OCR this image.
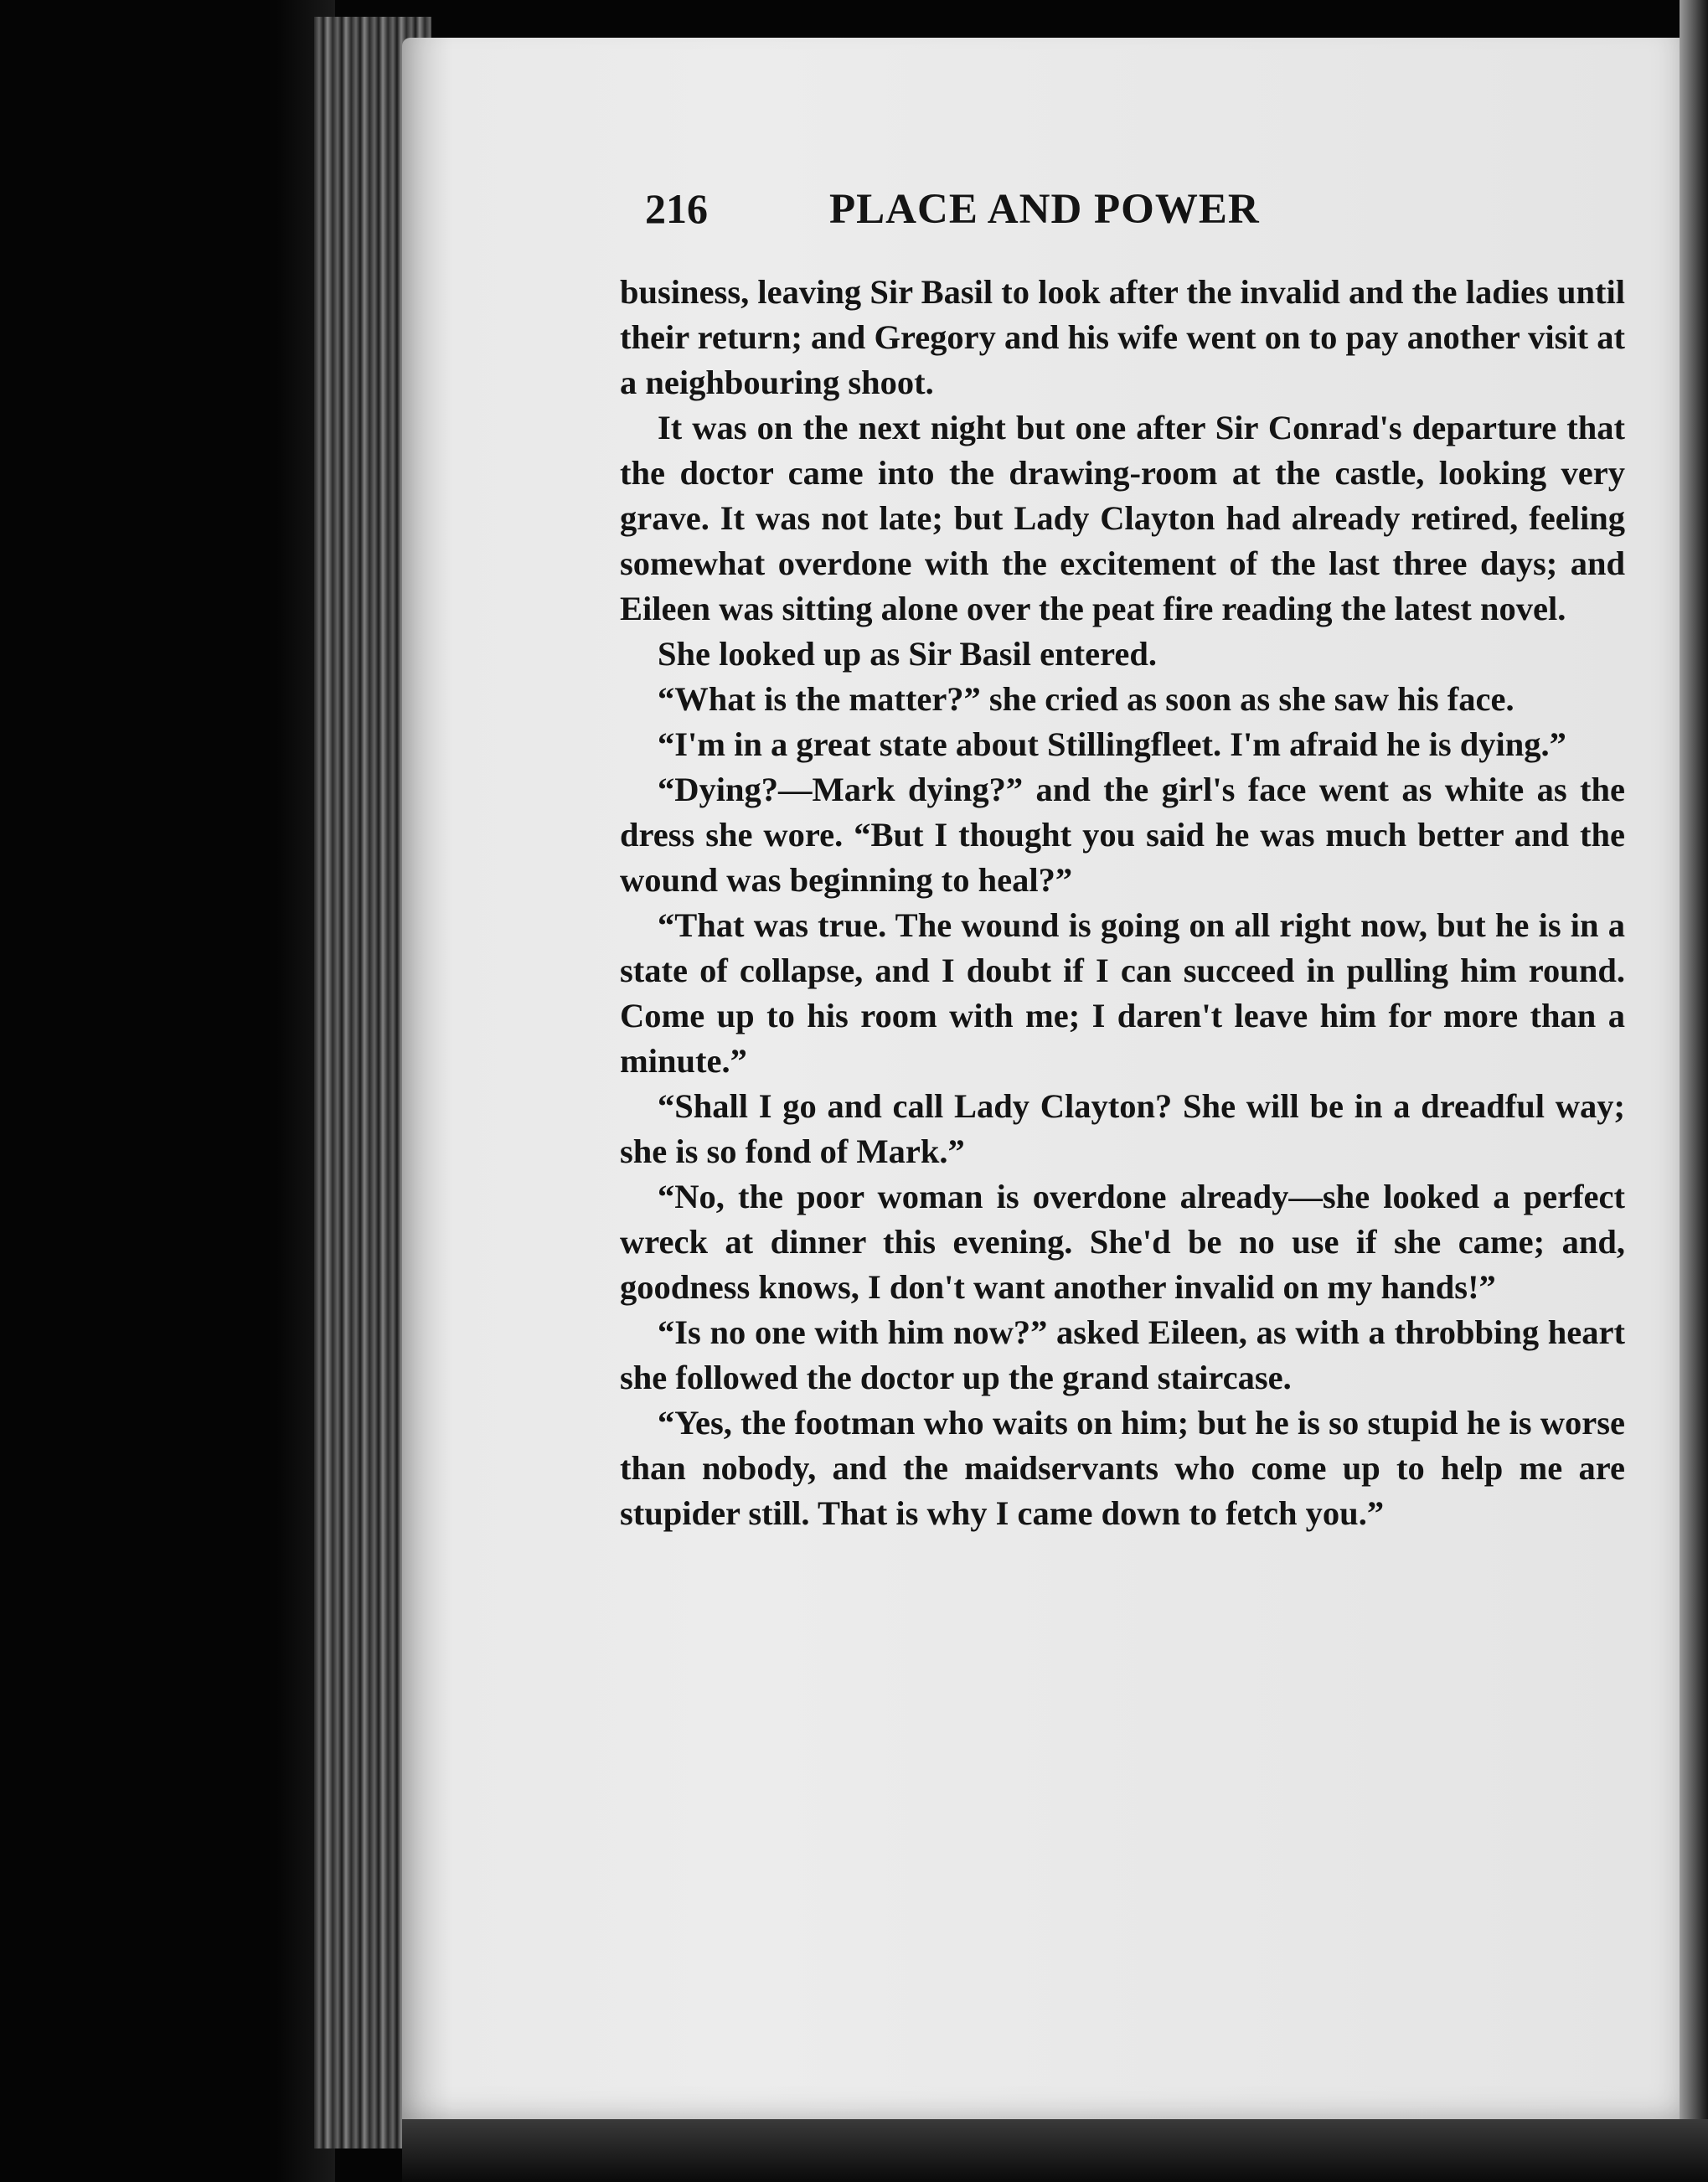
216	PLACE AND POWER

business, leaving Sir Basil to look after the invalid and the ladies until their return; and Gregory and his wife went on to pay another visit at a neighbouring shoot.

It was on the next night but one after Sir Conrad's departure that the doctor came into the drawing-room at the castle, looking very grave. It was not late; but Lady Clayton had already retired, feeling somewhat overdone with the excitement of the last three days; and Eileen was sitting alone over the peat fire reading the latest novel.

She looked up as Sir Basil entered.

“What is the matter?” she cried as soon as she saw his face.

“I'm in a great state about Stillingfleet. I'm afraid he is dying.”

“Dying?—Mark dying?” and the girl's face went as white as the dress she wore. “But I thought you said he was much better and the wound was beginning to heal?”

“That was true. The wound is going on all right now, but he is in a state of collapse, and I doubt if I can succeed in pulling him round. Come up to his room with me; I daren't leave him for more than a minute.”

“Shall I go and call Lady Clayton? She will be in a dreadful way; she is so fond of Mark.”

“No, the poor woman is overdone already—she looked a perfect wreck at dinner this evening. She'd be no use if she came; and, goodness knows, I don't want another invalid on my hands!”

“Is no one with him now?” asked Eileen, as with a throbbing heart she followed the doctor up the grand staircase.

“Yes, the footman who waits on him; but he is so stupid he is worse than nobody, and the maidservants who come up to help me are stupider still. That is why I came down to fetch you.”
